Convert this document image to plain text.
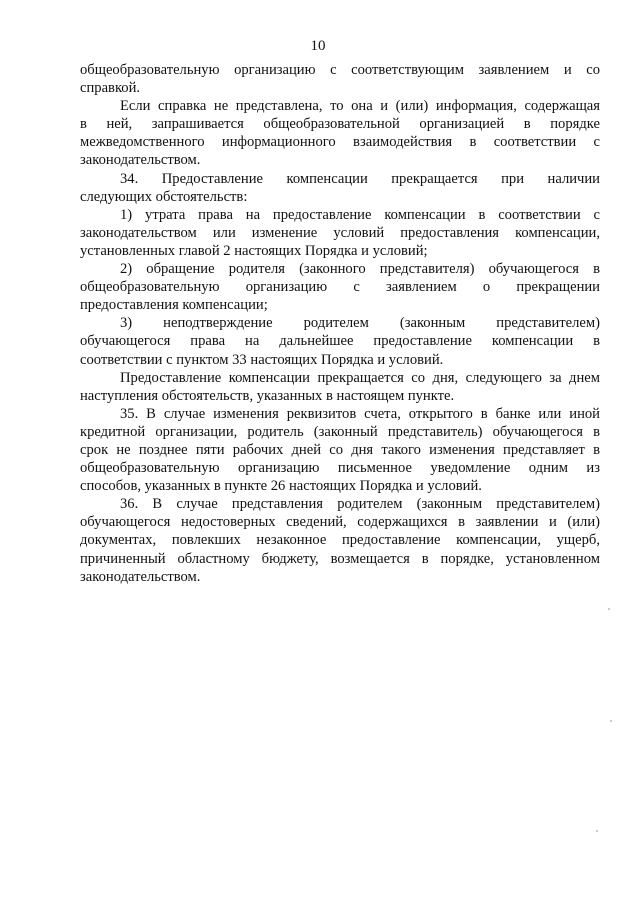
10
общеобразовательную организацию с соответствующим заявлением и со
справкой.
Если справка не представлена, то она и (или) информация, содержащая
в ней, запрашивается общеобразовательной организацией в порядке
межведомственного информационного взаимодействия в соответствии с
законодательством.
34. Предоставление компенсации прекращается при наличии
следующих обстоятельств:
1) утрата права на предоставление компенсации в соответствии с
законодательством или изменение условий предоставления компенсации,
установленных главой 2 настоящих Порядка и условий;
2) обращение родителя (законного представителя) обучающегося в
общеобразовательную организацию с заявлением о прекращении
предоставления компенсации;
3) неподтверждение родителем (законным представителем)
обучающегося права на дальнейшее предоставление компенсации в
соответствии с пунктом 33 настоящих Порядка и условий.
Предоставление компенсации прекращается со дня, следующего за днем
наступления обстоятельств, указанных в настоящем пункте.
35. В случае изменения реквизитов счета, открытого в банке или иной
кредитной организации, родитель (законный представитель) обучающегося в
срок не позднее пяти рабочих дней со дня такого изменения представляет в
общеобразовательную организацию письменное уведомление одним из
способов, указанных в пункте 26 настоящих Порядка и условий.
36. В случае представления родителем (законным представителем)
обучающегося недостоверных сведений, содержащихся в заявлении и (или)
документах, повлекших незаконное предоставление компенсации, ущерб,
причиненный областному бюджету, возмещается в порядке, установленном
законодательством.
